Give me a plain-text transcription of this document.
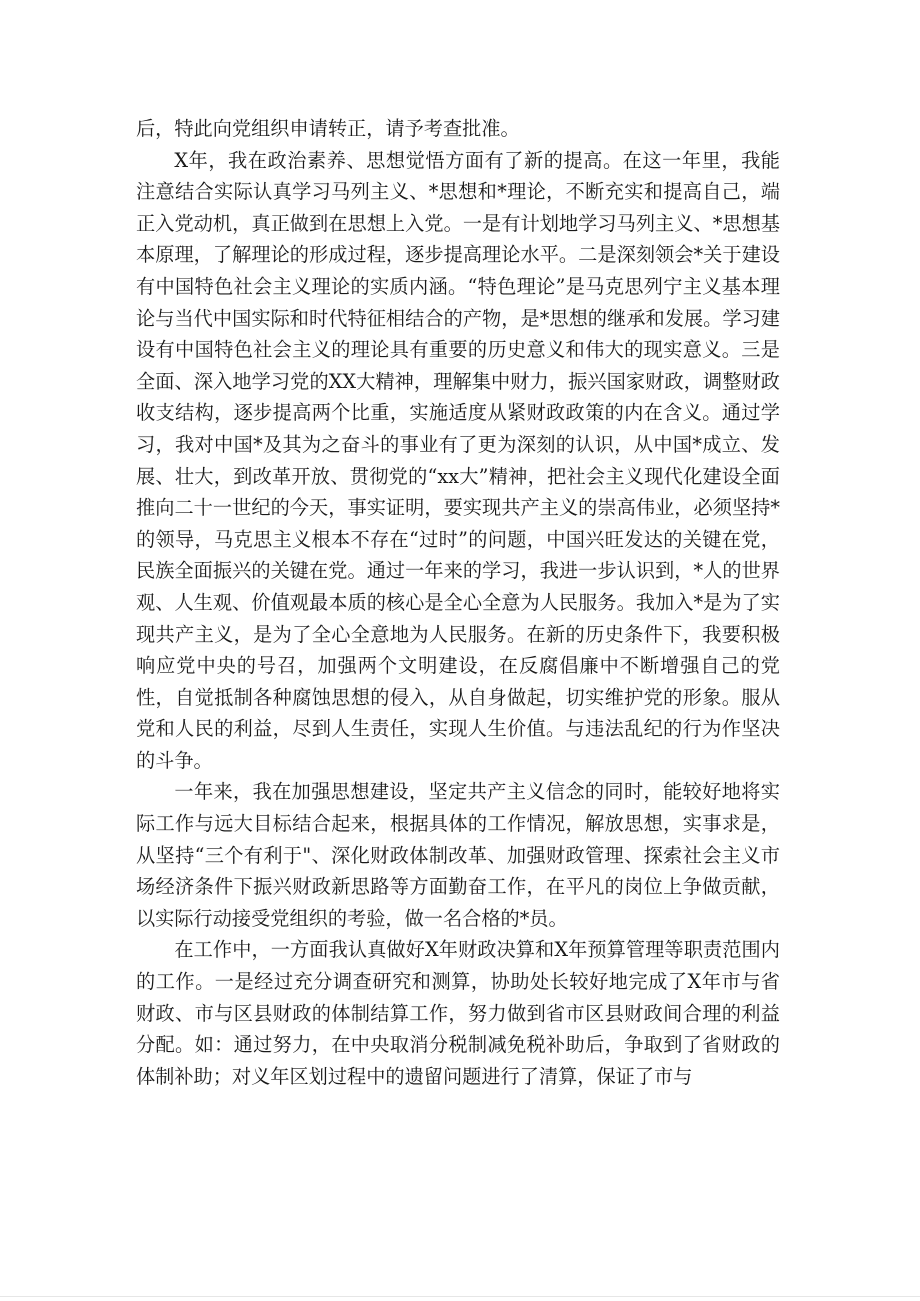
后，特此向党组织申请转正，请予考查批准。

X年，我在政治素养、思想觉悟方面有了新的提高。在这一年里，我能注意结合实际认真学习马列主义、*思想和*理论，不断充实和提高自己，端正入党动机，真正做到在思想上入党。一是有计划地学习马列主义、*思想基本原理，了解理论的形成过程，逐步提高理论水平。二是深刻领会*关于建设有中国特色社会主义理论的实质内涵。“特色理论”是马克思列宁主义基本理论与当代中国实际和时代特征相结合的产物，是*思想的继承和发展。学习建设有中国特色社会主义的理论具有重要的历史意义和伟大的现实意义。三是全面、深入地学习党的XX大精神，理解集中财力，振兴国家财政，调整财政收支结构，逐步提高两个比重，实施适度从紧财政政策的内在含义。通过学习，我对中国*及其为之奋斗的事业有了更为深刻的认识，从中国*成立、发展、壮大，到改革开放、贯彻党的“xx大”精神，把社会主义现代化建设全面推向二十一世纪的今天，事实证明，要实现共产主义的崇高伟业，必须坚持*的领导，马克思主义根本不存在“过时”的问题，中国兴旺发达的关键在党，民族全面振兴的关键在党。通过一年来的学习，我进一步认识到，*人的世界观、人生观、价值观最本质的核心是全心全意为人民服务。我加入*是为了实现共产主义，是为了全心全意地为人民服务。在新的历史条件下，我要积极响应党中央的号召，加强两个文明建设，在反腐倡廉中不断增强自己的党性，自觉抵制各种腐蚀思想的侵入，从自身做起，切实维护党的形象。服从党和人民的利益，尽到人生责任，实现人生价值。与违法乱纪的行为作坚决的斗争。

一年来，我在加强思想建设，坚定共产主义信念的同时，能较好地将实际工作与远大目标结合起来，根据具体的工作情况，解放思想，实事求是，从坚持“三个有利于"、深化财政体制改革、加强财政管理、探索社会主义市场经济条件下振兴财政新思路等方面勤奋工作，在平凡的岗位上争做贡献，以实际行动接受党组织的考验，做一名合格的*员。

在工作中，一方面我认真做好X年财政决算和X年预算管理等职责范围内的工作。一是经过充分调查研究和测算，协助处长较好地完成了X年市与省财政、市与区县财政的体制结算工作，努力做到省市区县财政间合理的利益分配。如：通过努力，在中央取消分税制减免税补助后，争取到了省财政的体制补助；对义年区划过程中的遗留问题进行了清算，保证了市与
